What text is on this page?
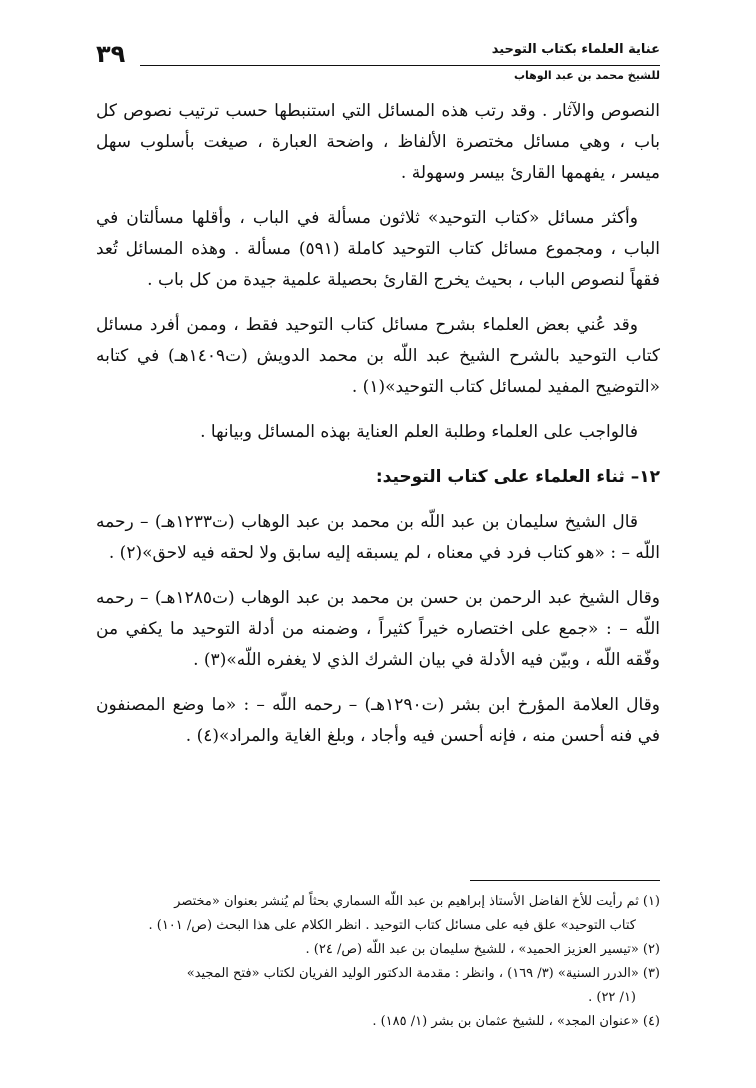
٣٩	عناية العلماء بكتاب التوحيد
للشيخ محمد بن عبد الوهاب

النصوص والآثار . وقد رتب هذه المسائل التي استنبطها حسب ترتيب نصوص كل باب ، وهي مسائل مختصرة الألفاظ ، واضحة العبارة ، صيغت بأسلوب سهل ميسر ، يفهمها القارئ بيسر وسهولة .

وأكثر مسائل «كتاب التوحيد» ثلاثون مسألة في الباب ، وأقلها مسألتان في الباب ، ومجموع مسائل كتاب التوحيد كاملة (٥٩١) مسألة . وهذه المسائل تُعد فقهاً لنصوص الباب ، بحيث يخرج القارئ بحصيلة علمية جيدة من كل باب .

وقد عُني بعض العلماء بشرح مسائل كتاب التوحيد فقط ، وممن أفرد مسائل كتاب التوحيد بالشرح الشيخ عبد اللّه بن محمد الدويش (ت١٤٠٩هـ) في كتابه «التوضيح المفيد لمسائل كتاب التوحيد»(١) .

فالواجب على العلماء وطلبة العلم العناية بهذه المسائل وبيانها .

١٢– ثناء العلماء على كتاب التوحيد:

قال الشيخ سليمان بن عبد اللّه بن محمد بن عبد الوهاب (ت١٢٣٣هـ) – رحمه اللّه – : «هو كتاب فرد في معناه ، لم يسبقه إليه سابق ولا لحقه فيه لاحق»(٢) .

وقال الشيخ عبد الرحمن بن حسن بن محمد بن عبد الوهاب (ت١٢٨٥هـ) – رحمه اللّه – : «جمع على اختصاره خيراً كثيراً ، وضمنه من أدلة التوحيد ما يكفي من وفّقه اللّه ، وبيّن فيه الأدلة في بيان الشرك الذي لا يغفره اللّه»(٣) .

وقال العلامة المؤرخ ابن بشر (ت١٢٩٠هـ) – رحمه اللّه – : «ما وضع المصنفون في فنه أحسن منه ، فإنه أحسن فيه وأجاد ، وبلغ الغاية والمراد»(٤) .

(١)ثم رأيت للأخ الفاضل الأستاذ إبراهيم بن عبد اللّه السماري بحثاً لم يُنشر بعنوان «مختصر

كتاب التوحيد» علق فيه على مسائل كتاب التوحيد . انظر الكلام على هذا البحث (ص/ ١٠١) .

(٢)«تيسير العزيز الحميد» ، للشيخ سليمان بن عبد اللّه (ص/ ٢٤) .

(٣)«الدرر السنية» (٣/ ١٦٩) ، وانظر : مقدمة الدكتور الوليد الفريان لكتاب «فتح المجيد»

(١/ ٢٢) .

(٤)«عنوان المجد» ، للشيخ عثمان بن بشر (١/ ١٨٥) .
